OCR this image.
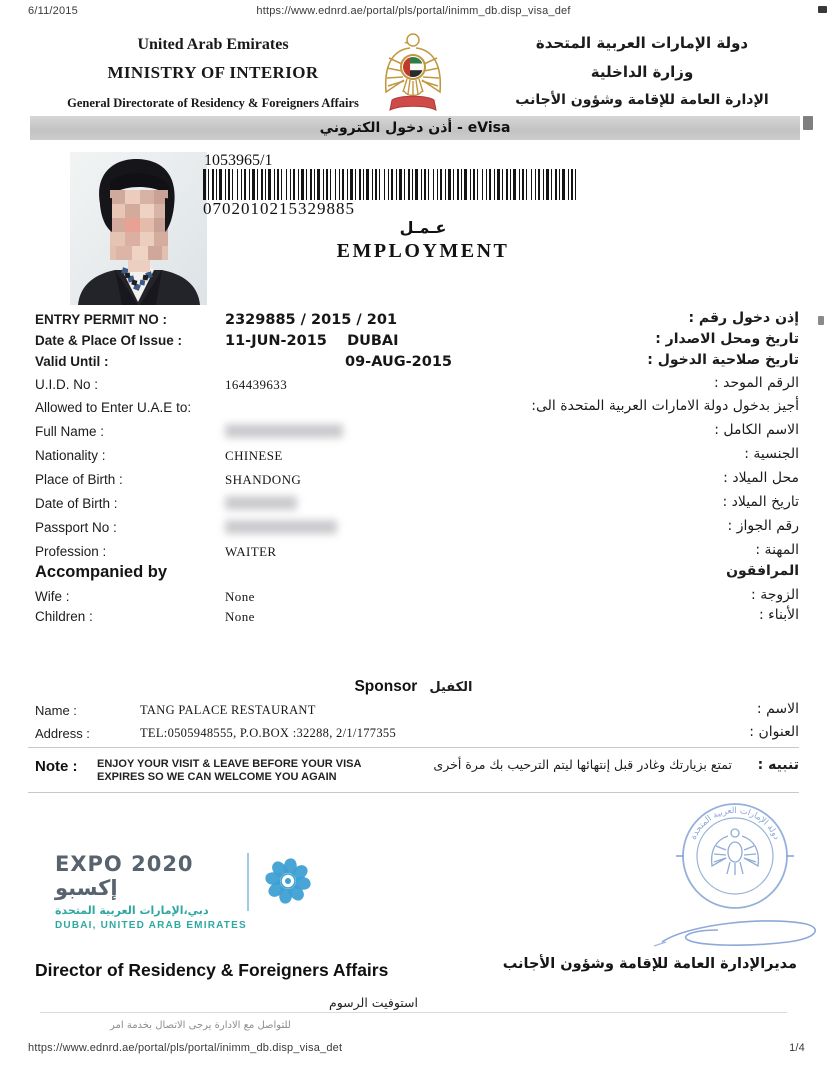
6/11/2015	https://www.ednrd.ae/portal/pls/portal/inimm_db.disp_visa_def
United Arab Emirates
MINISTRY OF INTERIOR
General Directorate of Residency & Foreigners Affairs
دولة الإمارات العربية المتحدة
وزارة الداخلية
الإدارة العامة للإقامة وشؤون الأجانب
أذن دخول الكتروني - eVisa
1053965/1
0702010215329885
عـمـل
EMPLOYMENT
ENTRY PERMIT NO :	2329885 / 2015 / 201	إذن دخول رقم :
Date & Place Of Issue :	11-JUN-2015    DUBAI	تاريخ ومحل الاصدار :
Valid Until :	09-AUG-2015	تاريخ صلاحية الدخول :
U.I.D. No :	164439633	الرقم الموحد :
Allowed to Enter U.A.E to:	أجيز بدخول دولة الامارات العربية المتحدة الى:
Full Name :	الاسم الكامل :
Nationality :	CHINESE	الجنسية :
Place of Birth :	SHANDONG	محل الميلاد :
Date of Birth :	تاريخ الميلاد :
Passport No :	رقم الجواز :
Profession :	WAITER	المهنة :
Accompanied by	المرافقون
Wife :	None	الزوجة :
Children :	None	الأبناء :
Sponsor الكفيل
Name :	TANG PALACE RESTAURANT	الاسم :
Address :	TEL:0505948555, P.O.BOX :32288, 2/1/177355	العنوان :
Note : ENJOY YOUR VISIT & LEAVE BEFORE YOUR VISA
EXPIRES SO WE CAN WELCOME YOU AGAIN
تمتع بزيارتك وغادر قبل إنتهائها ليتم الترحيب بك مرة أخرى تنبيه :
EXPO 2020 إكسبو
دبي،الإمارات العربية المتحدة
DUBAI, UNITED ARAB EMIRATES
دولة الإمارات العربية المتحدة
Director of Residency & Foreigners Affairs	مديرالإدارة العامة للإقامة وشؤون الأجانب
استوفيت الرسوم
للتواصل مع الادارة يرجى الاتصال بخدمة امر
https://www.ednrd.ae/portal/pls/portal/inimm_db.disp_visa_det	1/4
